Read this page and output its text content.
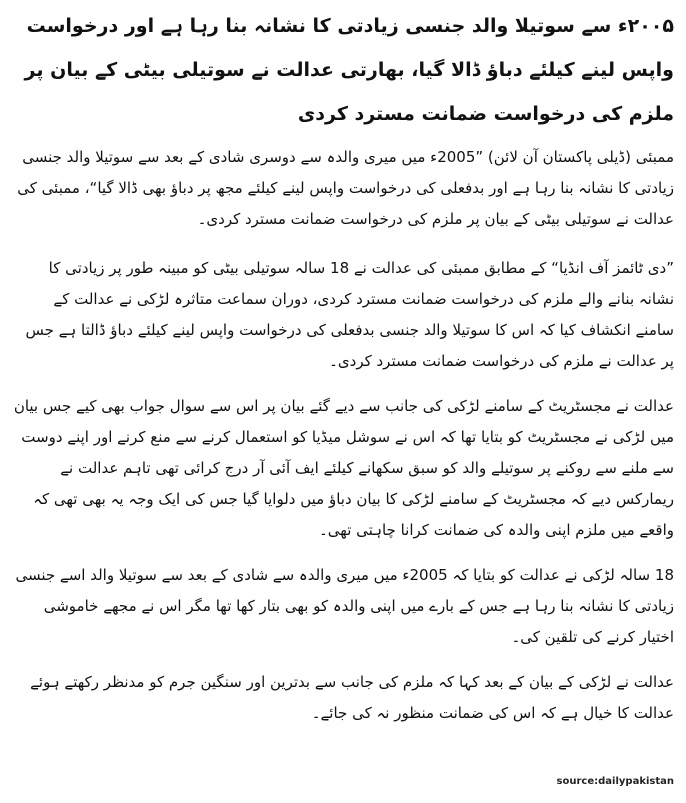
۲۰۰۵ء سے سوتیلا والد جنسی زیادتی کا نشانہ بنا رہا ہے اور درخواست واپس لینے کیلئے دباؤ ڈالا گیا، بھارتی عدالت نے سوتیلی بیٹی کے بیان پر ملزم کی درخواست ضمانت مسترد کردی

ممبئی (ڈیلی پاکستان آن لائن) ”2005ء میں میری والدہ سے دوسری شادی کے بعد سے سوتیلا والد جنسی زیادتی کا نشانہ بنا رہا ہے اور بدفعلی کی درخواست واپس لینے کیلئے مجھ پر دباؤ بھی ڈالا گیا“، ممبئی کی عدالت نے سوتیلی بیٹی کے بیان پر ملزم کی درخواست ضمانت مسترد کردی۔

”دی ٹائمز آف انڈیا“ کے مطابق ممبئی کی عدالت نے 18 سالہ سوتیلی بیٹی کو مبینہ طور پر زیادتی کا نشانہ بنانے والے ملزم کی درخواست ضمانت مسترد کردی، دوران سماعت متاثرہ لڑکی نے عدالت کے سامنے انکشاف کیا کہ اس کا سوتیلا والد جنسی بدفعلی کی درخواست واپس لینے کیلئے دباؤ ڈالتا ہے جس پر عدالت نے ملزم کی درخواست ضمانت مسترد کردی۔

عدالت نے مجسٹریٹ کے سامنے لڑکی کی جانب سے دیے گئے بیان پر اس سے سوال جواب بھی کیے جس بیان میں لڑکی نے مجسٹریٹ کو بتایا تھا کہ اس نے سوشل میڈیا کو استعمال کرنے سے منع کرنے اور اپنے دوست سے ملنے سے روکنے پر سوتیلے والد کو سبق سکھانے کیلئے ایف آئی آر درج کرائی تھی تاہم عدالت نے ریمارکس دیے کہ مجسٹریٹ کے سامنے لڑکی کا بیان دباؤ میں دلوایا گیا جس کی ایک وجہ یہ بھی تھی کہ واقعے میں ملزم اپنی والدہ کی ضمانت کرانا چاہتی تھی۔

18 سالہ لڑکی نے عدالت کو بتایا کہ 2005ء میں میری والدہ سے شادی کے بعد سے سوتیلا والد اسے جنسی زیادتی کا نشانہ بنا رہا ہے جس کے بارے میں اپنی والدہ کو بھی بتار کھا تھا مگر اس نے مجھے خاموشی اختیار کرنے کی تلقین کی۔

عدالت نے لڑکی کے بیان کے بعد کہا کہ ملزم کی جانب سے بدترین اور سنگین جرم کو مدنظر رکھتے ہوئے عدالت کا خیال ہے کہ اس کی ضمانت منظور نہ کی جائے۔

source:dailypakistan
